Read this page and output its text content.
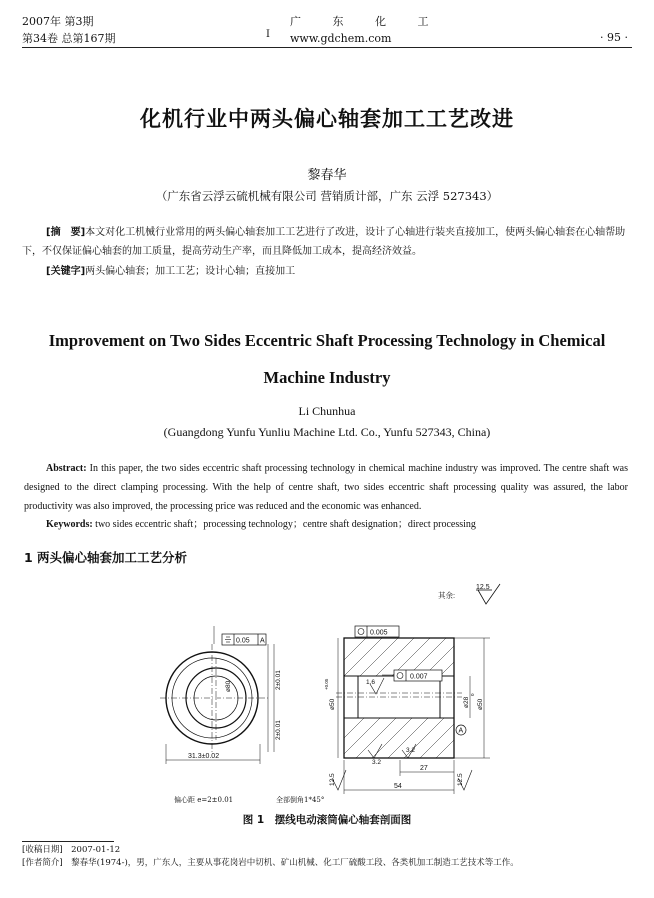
2007年 第3期
第34卷 总第167期
广 东 化 工
www.gdchem.com
I	· 95 ·
化机行业中两头偏心轴套加工工艺改进
黎春华
（广东省云浮云硫机械有限公司 营销质计部，广东 云浮 527343）
[摘　要]本文对化工机械行业常用的两头偏心轴套加工工艺进行了改进，设计了心轴进行装夹直接加工，使两头偏心轴套在心轴帮助下，不仅保证偏心轴套的加工质量，提高劳动生产率，而且降低加工成本，提高经济效益。
[关键字]两头偏心轴套；加工工艺；设计心轴；直接加工
Improvement on Two Sides Eccentric Shaft Processing Technology in Chemical
Machine Industry
Li Chunhua
(Guangdong Yunfu Yunliu Machine Ltd. Co., Yunfu 527343, China)
Abstract: In this paper, the two sides eccentric shaft processing technology in chemical machine industry was improved. The centre shaft was designed to the direct clamping processing. With the help of centre shaft, two sides eccentric shaft processing quality was assured, the labor productivity was also improved, the processing price was reduced and the economic was enhanced.
Keywords: two sides eccentric shaft；processing technology；centre shaft designation；direct processing
1 两头偏心轴套加工工艺分析
其余:
12.5
0.05 A
ø80	2±0.01
2±0.01
31.3±0.02
0.005
0.007
A
ø50
+0.05
ø28
0
ø50
1.6
3.2
3.2
12.5	12.5
27
54
偏心距 e=2±0.01	全部倒角1*45°
图 1　摆线电动滚筒偏心轴套剖面图
[收稿日期]　2007-01-12
[作者简介]　黎春华(1974-)，男，广东人，主要从事花岗岩中切机、矿山机械、化工厂硫酸工段、各类机加工制造工艺技术等工作。
